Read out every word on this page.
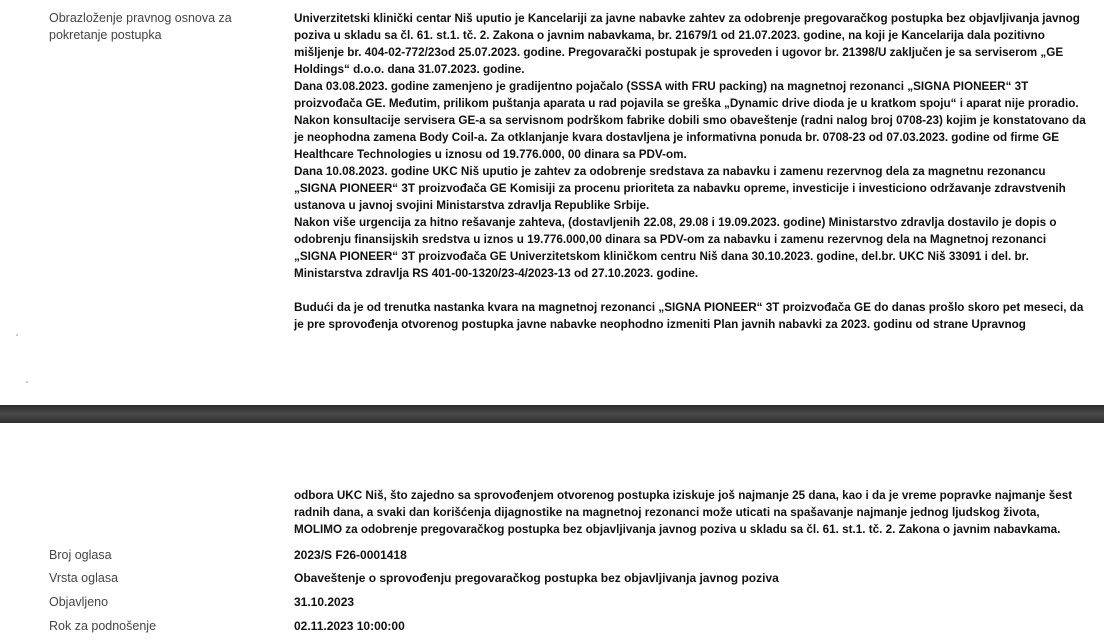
Obrazloženje pravnog osnova za pokretanje postupka

Univerzitetski klinički centar Niš uputio je Kancelariji za javne nabavke zahtev za odobrenje pregovaračkog postupka bez objavljivanja javnog poziva u skladu sa čl. 61. st.1. tč. 2. Zakona o javnim nabavkama, br. 21679/1 od 21.07.2023. godine, na koji je Kancelarija dala pozitivno mišljenje br. 404-02-772/23od 25.07.2023. godine. Pregovarački postupak je sproveden i ugovor br. 21398/U zaključen je sa serviserom „GE Holdings“ d.o.o. dana 31.07.2023. godine.

Dana 03.08.2023. godine zamenjeno je gradijentno pojačalo (SSSA with FRU packing) na magnetnoj rezonanci „SIGNA PIONEER“ 3T proizvođača GE. Međutim, prilikom puštanja aparata u rad pojavila se greška „Dynamic drive dioda je u kratkom spoju“ i aparat nije proradio. Nakon konsultacije servisera GE-a sa servisnom podrškom fabrike dobili smo obaveštenje (radni nalog broj 0708-23) kojim je konstatovano da je neophodna zamena Body Coil-a. Za otklanjanje kvara dostavljena je informativna ponuda br. 0708-23 od 07.03.2023. godine od firme GE Healthcare Technologies u iznosu od 19.776.000, 00 dinara sa PDV-om.

Dana 10.08.2023. godine UKC Niš uputio je zahtev za odobrenje sredstava za nabavku i zamenu rezervnog dela za magnetnu rezonancu „SIGNA PIONEER“ 3T proizvođača GE Komisiji za procenu prioriteta za nabavku opreme, investicije i investiciono održavanje zdravstvenih ustanova u javnoj svojini Ministarstva zdravlja Republike Srbije.

Nakon više urgencija za hitno rešavanje zahteva, (dostavljenih 22.08, 29.08 i 19.09.2023. godine) Ministarstvo zdravlja dostavilo je dopis o odobrenju finansijskih sredstva u iznos u 19.776.000,00 dinara sa PDV-om za nabavku i zamenu rezervnog dela na Magnetnoj rezonanci „SIGNA PIONEER“ 3T proizvođača GE Univerzitetskom kliničkom centru Niš dana 30.10.2023. godine, del.br. UKC Niš 33091 i del. br. Ministarstva zdravlja RS 401-00-1320/23-4/2023-13 od 27.10.2023. godine.

Budući da je od trenutka nastanka kvara na magnetnoj rezonanci „SIGNA PIONEER“ 3T proizvođača GE do danas prošlo skoro pet meseci, da je pre sprovođenja otvorenog postupka javne nabavke neophodno izmeniti Plan javnih nabavki za 2023. godinu od strane Upravnog

odbora UKC Niš, što zajedno sa sprovođenjem otvorenog postupka iziskuje još najmanje 25 dana, kao i da je vreme popravke najmanje šest radnih dana, a svaki dan korišćenja dijagnostike na magnetnoj rezonanci može uticati na spašavanje najmanje jednog ljudskog života, MOLIMO za odobrenje pregovaračkog postupka bez objavljivanja javnog poziva u skladu sa čl. 61. st.1. tč. 2. Zakona o javnim nabavkama.
Broj oglasa	2023/S F26-0001418
Vrsta oglasa	Obaveštenje o sprovođenju pregovaračkog postupka bez objavljivanja javnog poziva
Objavljeno	31.10.2023
Rok za podnošenje	02.11.2023 10:00:00
